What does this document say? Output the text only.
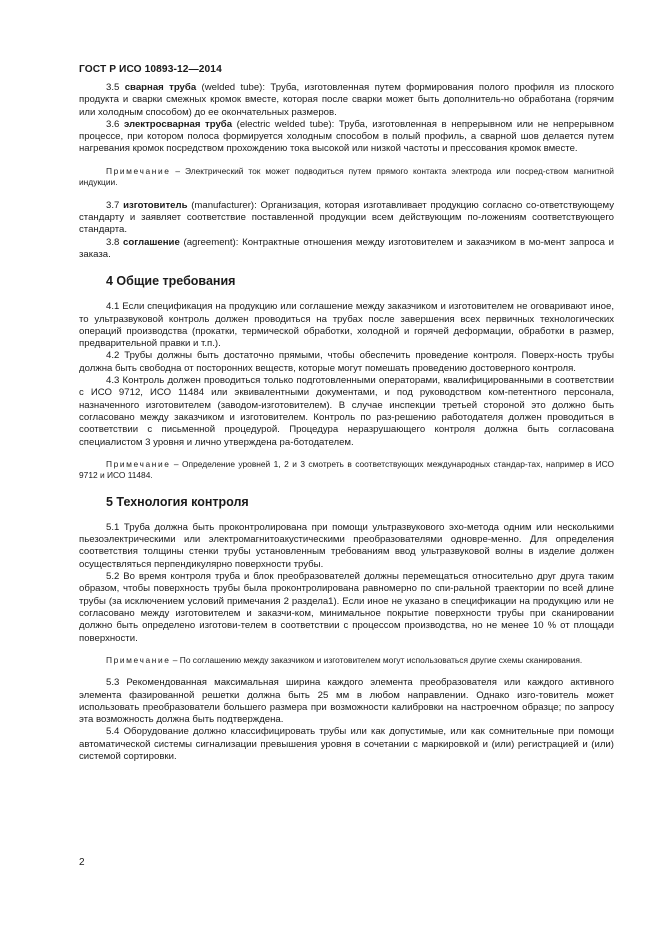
ГОСТ Р ИСО 10893-12—2014

3.5 сварная труба (welded tube): Труба, изготовленная путем формирования полого профиля из плоского продукта и сварки смежных кромок вместе, которая после сварки может быть дополнитель-но обработана (горячим или холодным способом) до ее окончательных размеров.

3.6 электросварная труба (electric welded tube): Труба, изготовленная в непрерывном или не непрерывном процессе, при котором полоса формируется холодным способом в полый профиль, а сварной шов делается путем нагревания кромок посредством прохождению тока высокой или низкой частоты и прессования кромок вместе.

Примечание – Электрический ток может подводиться путем прямого контакта электрода или посред-ством магнитной индукции.

3.7 изготовитель (manufacturer): Организация, которая изготавливает продукцию согласно со-ответствующему стандарту и заявляет соответствие поставленной продукции всем действующим по-ложениям соответствующего стандарта.

3.8 соглашение (agreement): Контрактные отношения между изготовителем и заказчиком в мо-мент запроса и заказа.

4 Общие требования

4.1 Если спецификация на продукцию или соглашение между заказчиком и изготовителем не оговаривают иное, то ультразвуковой контроль должен проводиться на трубах после завершения всех первичных технологических операций производства (прокатки, термической обработки, холодной и горячей деформации, обработки в размер, предварительной правки и т.п.).

4.2 Трубы должны быть достаточно прямыми, чтобы обеспечить проведение контроля. Поверх-ность трубы должна быть свободна от посторонних веществ, которые могут помешать проведению достоверного контроля.

4.3 Контроль должен проводиться только подготовленными операторами, квалифицированными в соответствии с ИСО 9712, ИСО 11484 или эквивалентными документами, и под руководством ком-петентного персонала, назначенного изготовителем (заводом-изготовителем). В случае инспекции третьей стороной это должно быть согласовано между заказчиком и изготовителем. Контроль по раз-решению работодателя должен проводиться в соответствии с письменной процедурой. Процедура неразрушающего контроля должна быть согласована специалистом 3 уровня и лично утверждена ра-ботодателем.

Примечание – Определение уровней 1, 2 и 3 смотреть в соответствующих международных стандар-тах, например в ИСО 9712 и ИСО 11484.

5 Технология контроля

5.1 Труба должна быть проконтролирована при помощи ультразвукового эхо-метода одним или несколькими пьезоэлектрическими или электромагнитоакустическими преобразователями одновре-менно. Для определения соответствия толщины стенки трубы установленным требованиям ввод ультразвуковой волны в изделие должен осуществляться перпендикулярно поверхности трубы.

5.2 Во время контроля труба и блок преобразователей должны перемещаться относительно друг друга таким образом, чтобы поверхность трубы была проконтролирована равномерно по спи-ральной траектории по всей длине трубы (за исключением условий примечания 2 раздела1). Если иное не указано в спецификации на продукцию или не согласовано между изготовителем и заказчи-ком, минимальное покрытие поверхности трубы при сканировании должно быть определено изготови-телем в соответствии с процессом производства, но не менее 10 % от площади поверхности.

Примечание – По соглашению между заказчиком и изготовителем могут использоваться другие схемы сканирования.

5.3 Рекомендованная максимальная ширина каждого элемента преобразователя или каждого активного элемента фазированной решетки должна быть 25 мм в любом направлении. Однако изго-товитель может использовать преобразователи большего размера при возможности калибровки на настроечном образце; по запросу эта возможность должна быть подтверждена.

5.4 Оборудование должно классифицировать трубы или как допустимые, или как сомнительные при помощи автоматической системы сигнализации превышения уровня в сочетании с маркировкой и (или) регистрацией и (или) системой сортировки.

2
